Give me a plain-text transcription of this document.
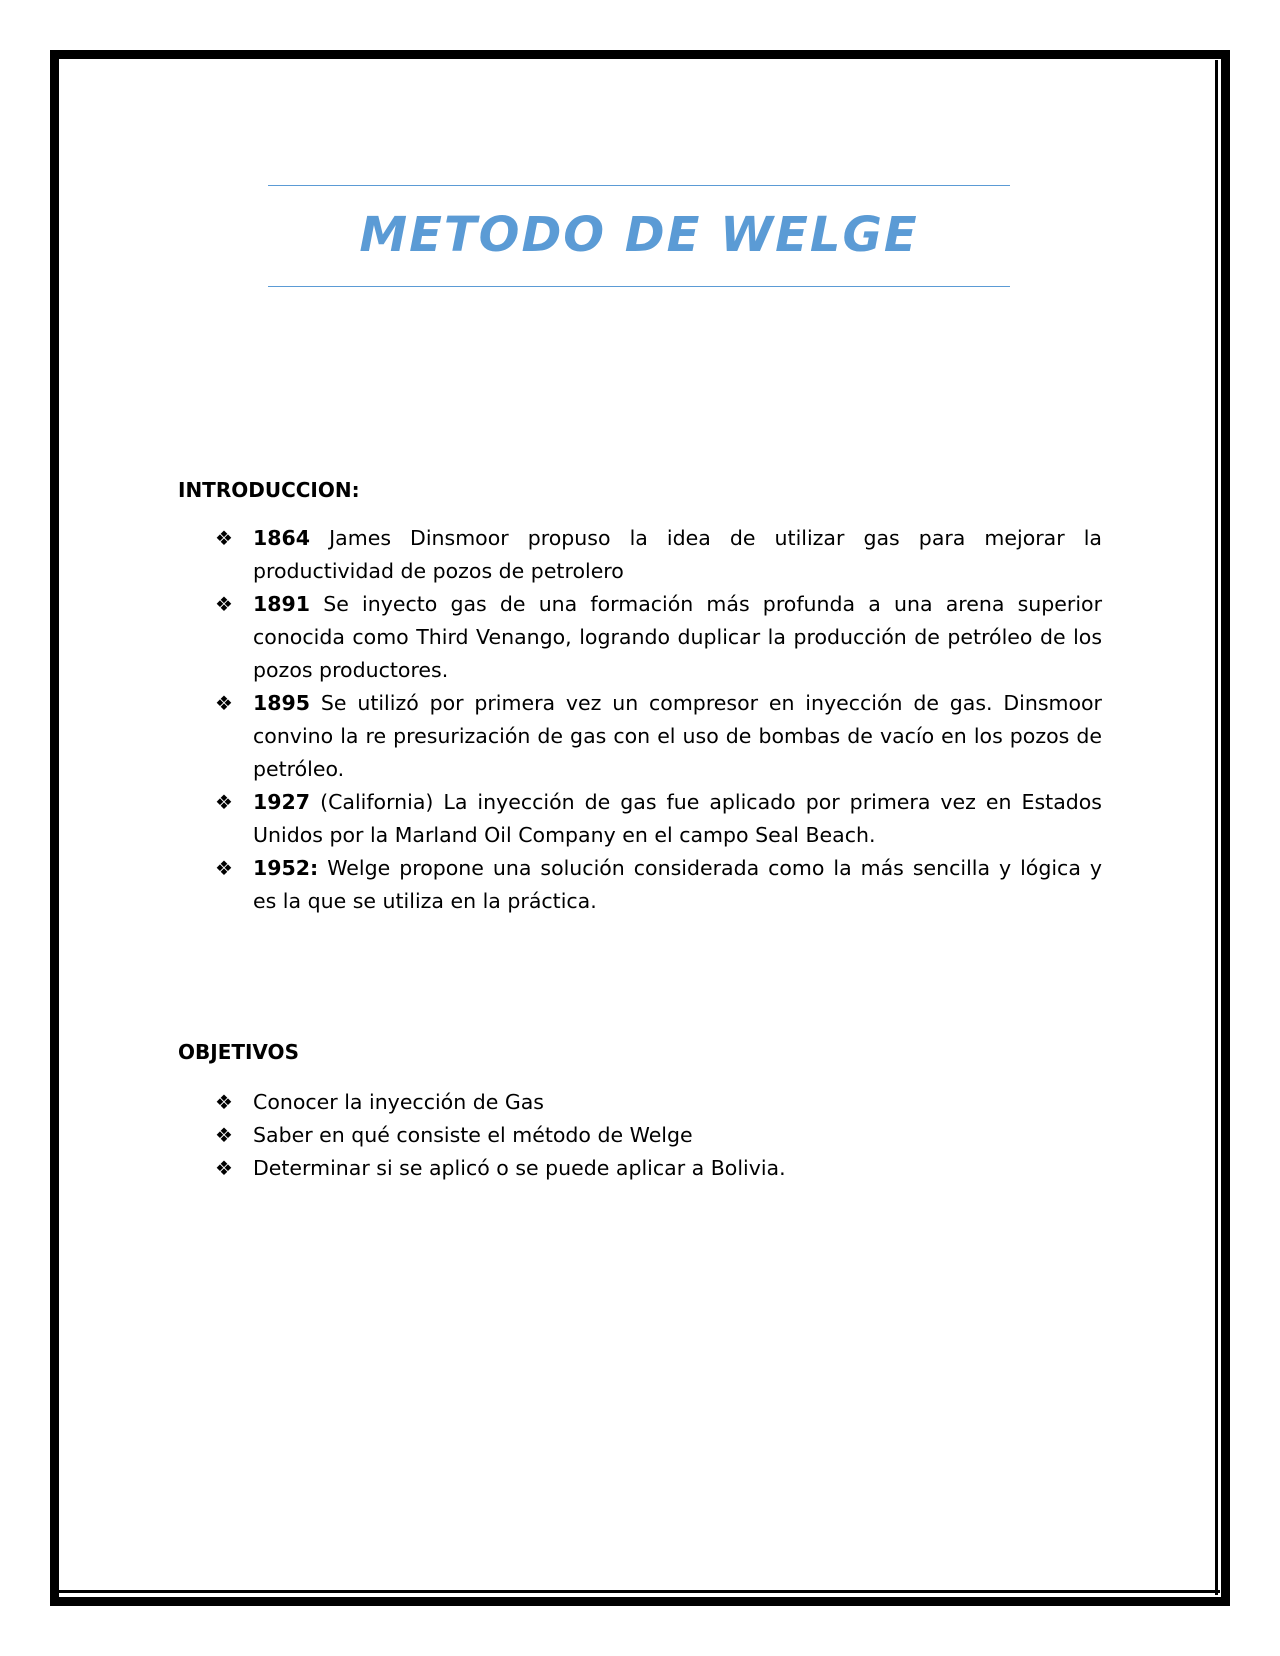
METODO DE WELGE
INTRODUCCION:
❖ 1864 James Dinsmoor propuso la idea de utilizar gas para mejorar la productividad de pozos de petrolero
❖ 1891 Se inyecto gas de una formación más profunda a una arena superior conocida como Third Venango, logrando duplicar la producción de petróleo de los pozos productores.
❖ 1895 Se utilizó por primera vez un compresor en inyección de gas. Dinsmoor convino la re presurización de gas con el uso de bombas de vacío en los pozos de petróleo.
❖ 1927 (California) La inyección de gas fue aplicado por primera vez en Estados Unidos por la Marland Oil Company en el campo Seal Beach.
❖ 1952: Welge propone una solución considerada como la más sencilla y lógica y es la que se utiliza en la práctica.
OBJETIVOS
❖ Conocer la inyección de Gas
❖ Saber en qué consiste el método de Welge
❖ Determinar si se aplicó o se puede aplicar a Bolivia.
